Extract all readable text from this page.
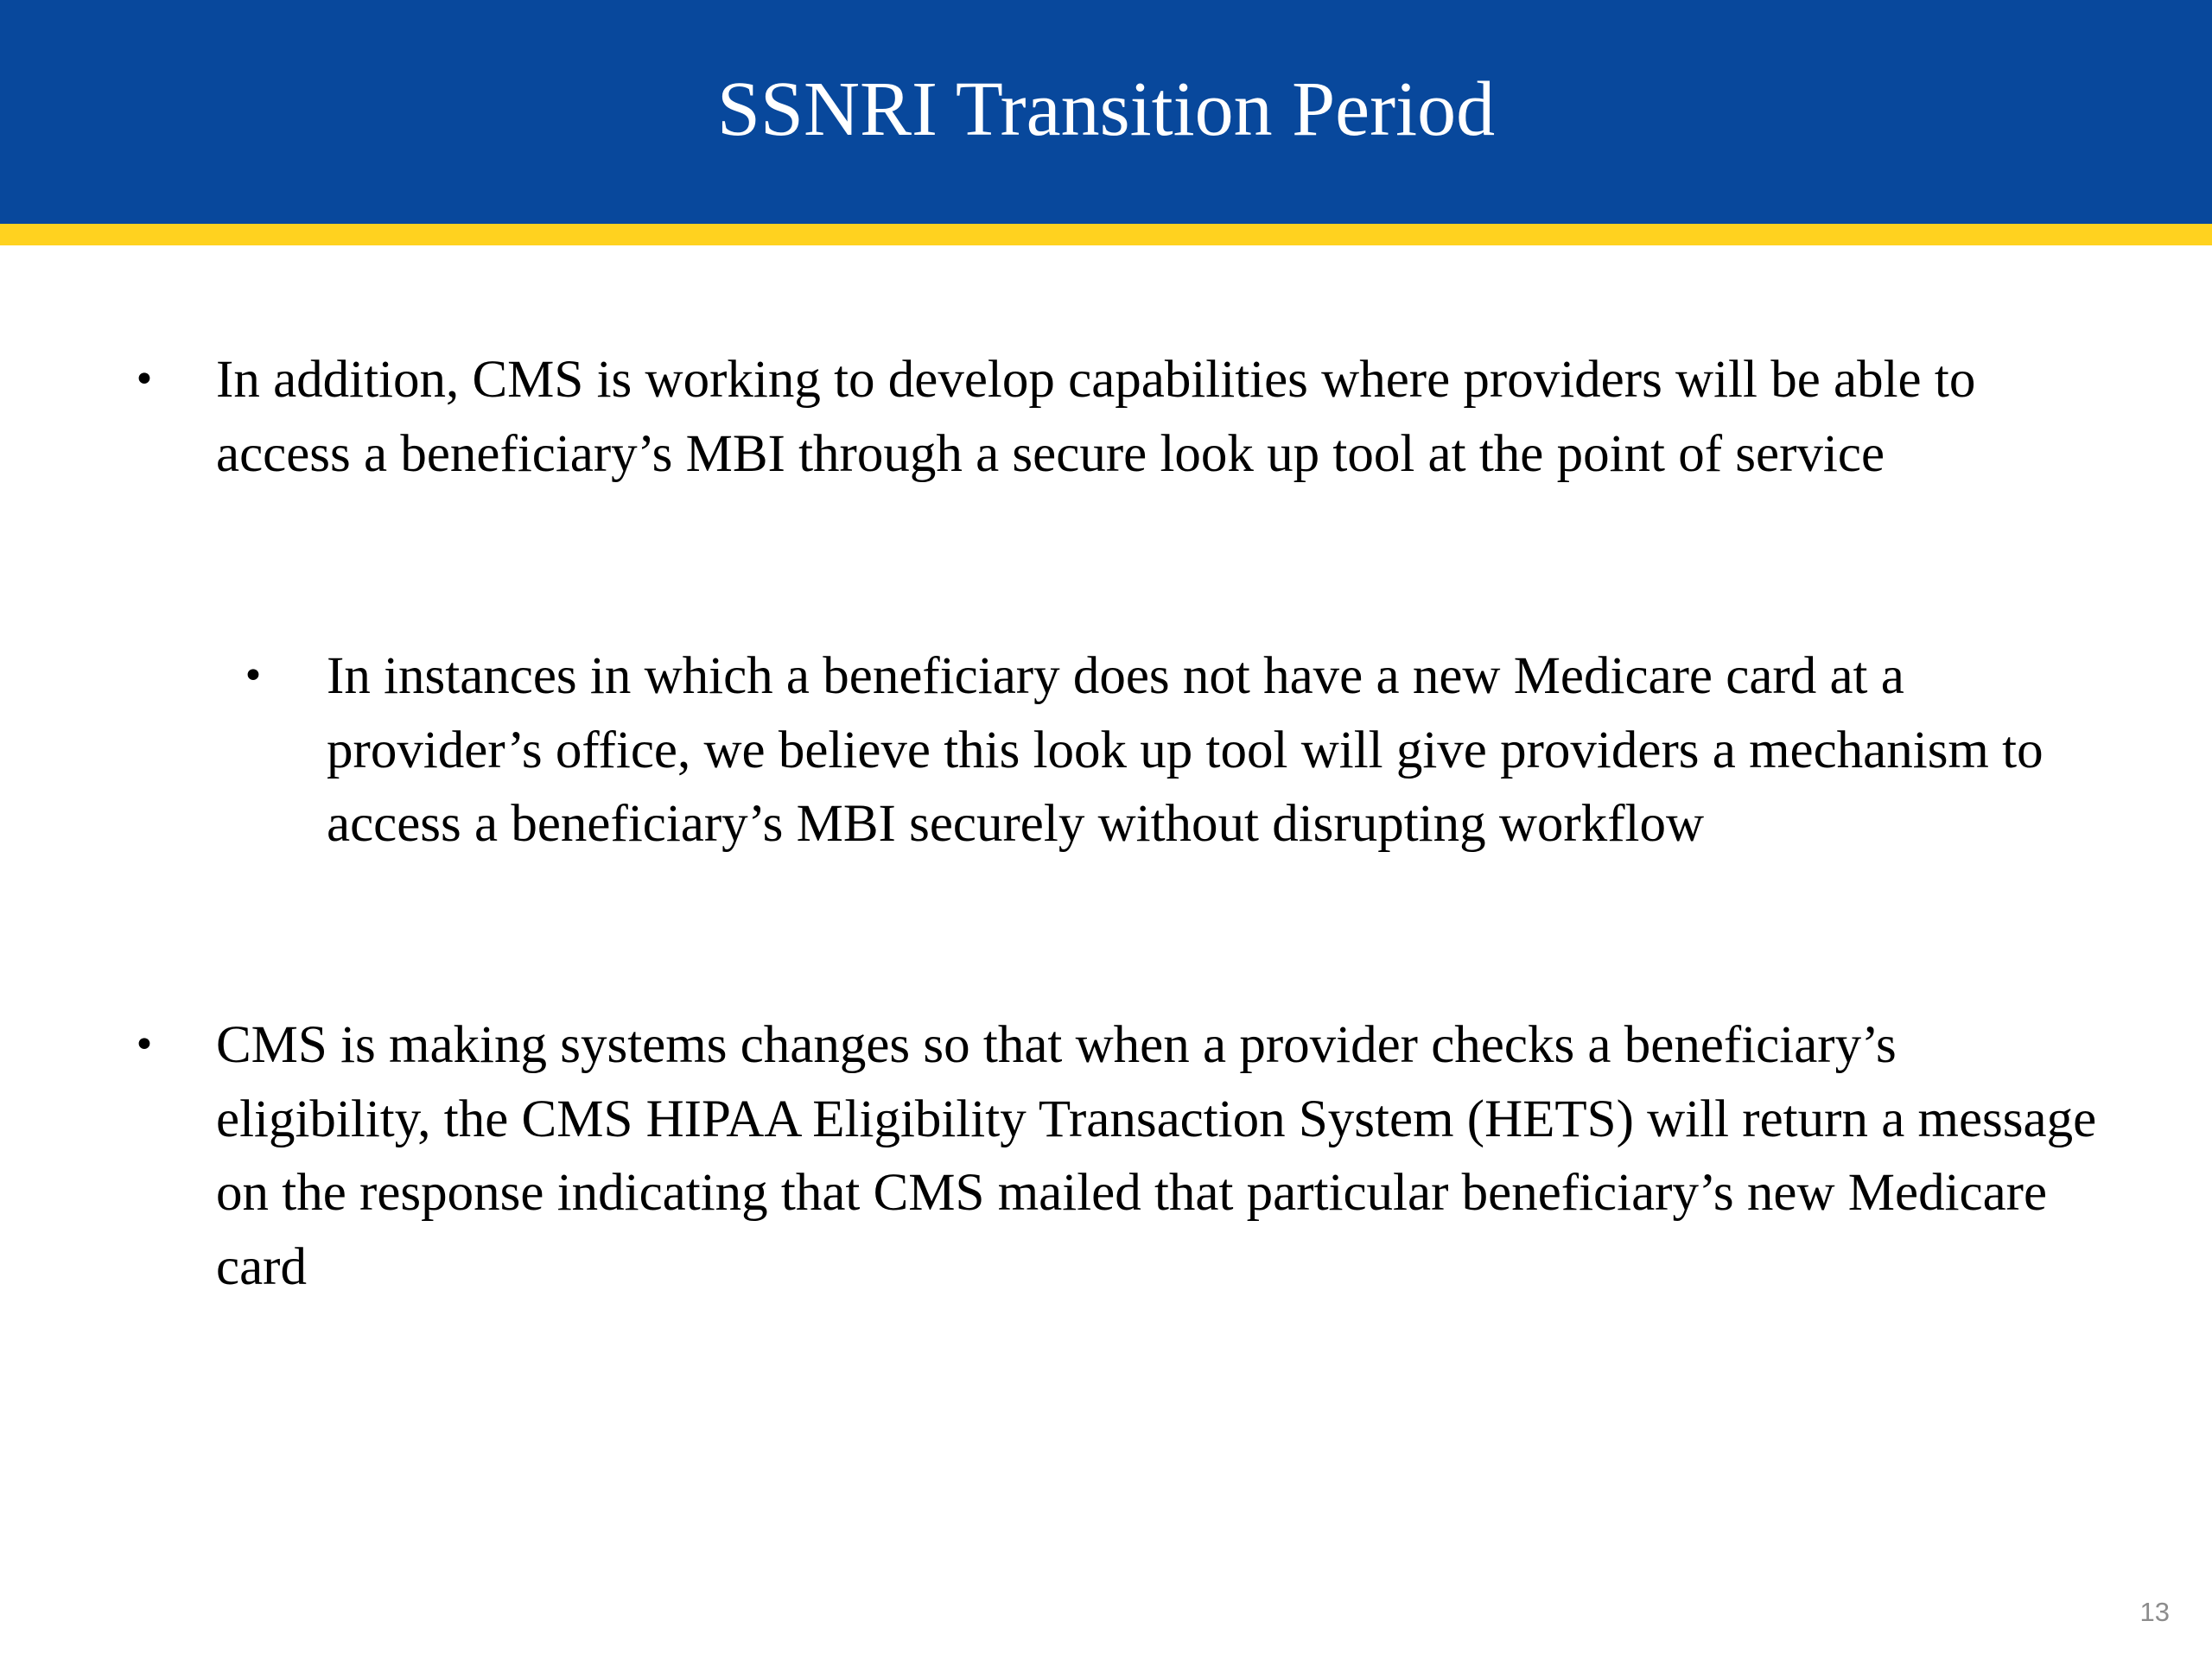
SSNRI Transition Period
• In addition, CMS is working to develop capabilities where providers will be able to access a beneficiary’s MBI through a secure look up tool at the point of service
• In instances in which a beneficiary does not have a new Medicare card at a provider’s office, we believe this look up tool will give providers a mechanism to access a beneficiary’s MBI securely without disrupting workflow
• CMS is making systems changes so that when a provider checks a beneficiary’s eligibility, the CMS HIPAA Eligibility Transaction System (HETS) will return a message on the response indicating that CMS mailed that particular beneficiary’s new Medicare card
13
